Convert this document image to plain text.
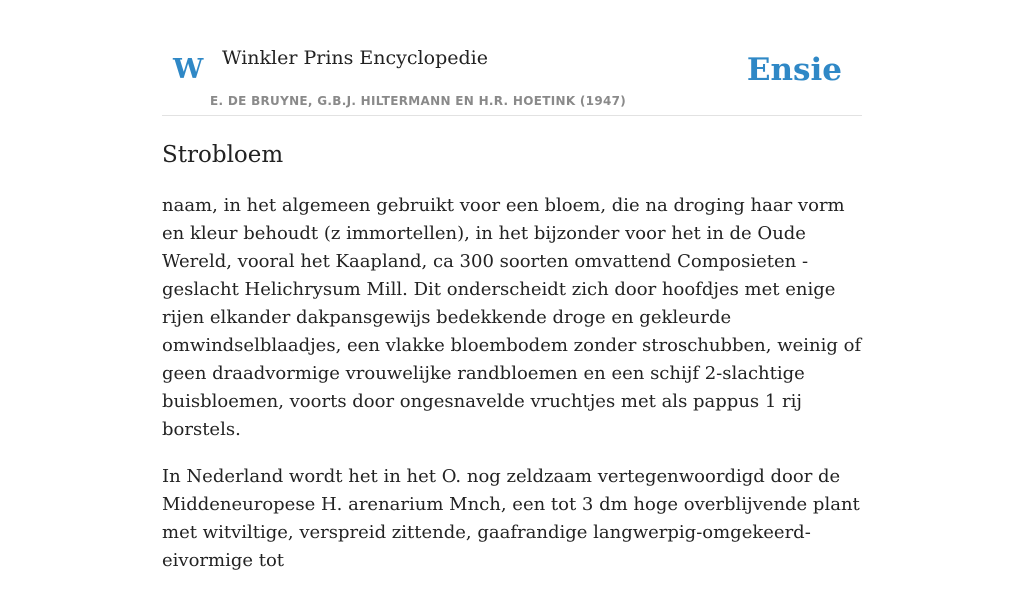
W Winkler Prins Encyclopedie
E. DE BRUYNE, G.B.J. HILTERMANN EN H.R. HOETINK (1947)
Ensie
Strobloem

naam, in het algemeen gebruikt voor een bloem, die na droging haar vorm en kleur behoudt (z immortellen), in het bijzonder voor het in de Oude Wereld, vooral het Kaapland, ca 300 soorten omvattend Composieten -geslacht Helichrysum Mill. Dit onderscheidt zich door hoofdjes met enige rijen elkander dakpansgewijs bedekkende droge en gekleurde omwindselblaadjes, een vlakke bloembodem zonder stroschubben, weinig of geen draadvormige vrouwelijke randbloemen en een schijf 2-slachtige buisbloemen, voorts door ongesnavelde vruchtjes met als pappus 1 rij borstels.

In Nederland wordt het in het O. nog zeldzaam vertegenwoordigd door de Middeneuropese H. arenarium Mnch, een tot 3 dm hoge overblijvende plant met witviltige, verspreid zittende, gaafrandige langwerpig-omgekeerd-eivormige tot
